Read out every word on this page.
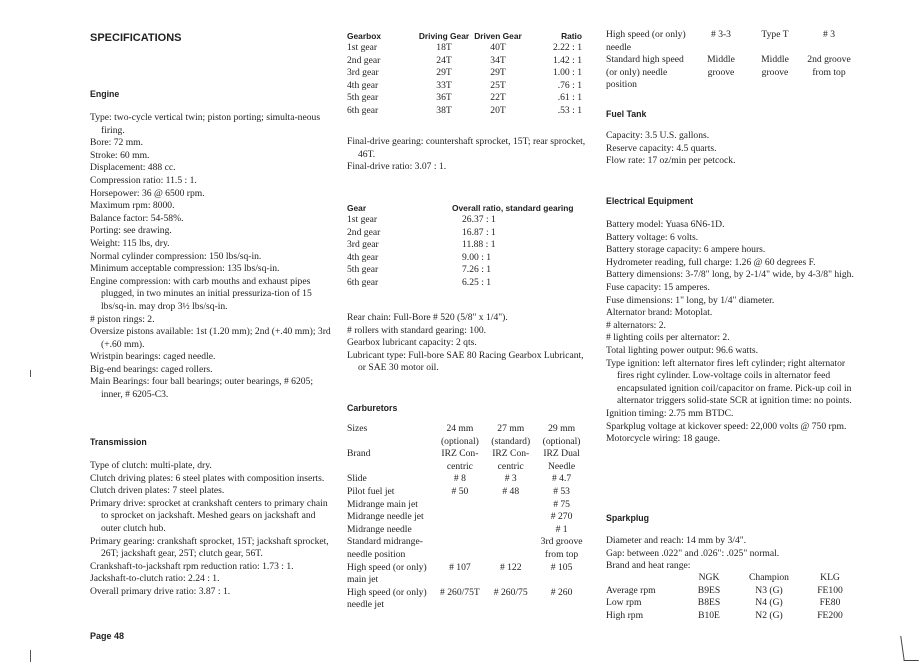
SPECIFICATIONS
Engine
Type: two-cycle vertical twin; piston porting; simulta-neous firing.
Bore: 72 mm.
Stroke: 60 mm.
Displacement: 488 cc.
Compression ratio: 11.5 : 1.
Horsepower: 36 @ 6500 rpm.
Maximum rpm: 8000.
Balance factor: 54-58%.
Porting: see drawing.
Weight: 115 lbs, dry.
Normal cylinder compression: 150 lbs/sq-in.
Minimum acceptable compression: 135 lbs/sq-in.
Engine compression: with carb mouths and exhaust pipes plugged, in two minutes an initial pressuriza-tion of 15 lbs/sq-in. may drop 3½ lbs/sq-in.
# piston rings: 2.
Oversize pistons available: 1st (1.20 mm); 2nd (+.40 mm); 3rd (+.60 mm).
Wristpin bearings: caged needle.
Big-end bearings: caged rollers.
Main Bearings: four ball bearings; outer bearings, # 6205; inner, # 6205-C3.
Transmission
Type of clutch: multi-plate, dry.
Clutch driving plates: 6 steel plates with composition inserts.
Clutch driven plates: 7 steel plates.
Primary drive: sprocket at crankshaft centers to primary chain to sprocket on jackshaft. Meshed gears on jackshaft and outer clutch hub.
Primary gearing: crankshaft sprocket, 15T; jackshaft sprocket, 26T; jackshaft gear, 25T; clutch gear, 56T.
Crankshaft-to-jackshaft rpm reduction ratio: 1.73 : 1.
Jackshaft-to-clutch ratio: 2.24 : 1.
Overall primary drive ratio: 3.87 : 1.
Page 48
Gearbox	Driving Gear	Driven Gear	Ratio
1st gear	18T	40T	2.22 : 1
2nd gear	24T	34T	1.42 : 1
3rd gear	29T	29T	1.00 : 1
4th gear	33T	25T	.76 : 1
5th gear	36T	22T	.61 : 1
6th gear	38T	20T	.53 : 1
Final-drive gearing: countershaft sprocket, 15T; rear sprocket, 46T.
Final-drive ratio: 3.07 : 1.
Gear	Overall ratio, standard gearing
1st gear	26.37 : 1
2nd gear	16.87 : 1
3rd gear	11.88 : 1
4th gear	9.00 : 1
5th gear	7.26 : 1
6th gear	6.25 : 1
Rear chain: Full-Bore # 520 (5/8" x 1/4").
# rollers with standard gearing: 100.
Gearbox lubricant capacity: 2 qts.
Lubricant type: Full-bore SAE 80 Racing Gearbox Lubricant, or SAE 30 motor oil.
Carburetors
Sizes	24 mm (optional)	27 mm (standard)	29 mm (optional)
Brand	IRZ Con-centric	IRZ Con-centric	IRZ Dual Needle
Slide	# 8	# 3	# 4.7
Pilot fuel jet	# 50	# 48	# 53
Midrange main jet			# 75
Midrange needle jet			# 270
Midrange needle			# 1
Standard midrange-needle position			3rd groove from top
High speed (or only) main jet	# 107	# 122	# 105
High speed (or only) needle jet	# 260/75T	# 260/75	# 260
High speed (or only) needle	# 3-3	Type T	# 3
Standard high speed (or only) needle position	Middle groove	Middle groove	2nd groove from top
Fuel Tank
Capacity: 3.5 U.S. gallons.
Reserve capacity: 4.5 quarts.
Flow rate: 17 oz/min per petcock.
Electrical Equipment
Battery model: Yuasa 6N6-1D.
Battery voltage: 6 volts.
Battery storage capacity: 6 ampere hours.
Hydrometer reading, full charge: 1.26 @ 60 degrees F.
Battery dimensions: 3-7/8" long, by 2-1/4" wide, by 4-3/8" high.
Fuse capacity: 15 amperes.
Fuse dimensions: 1" long, by 1/4" diameter.
Alternator brand: Motoplat.
# alternators: 2.
# lighting coils per alternator: 2.
Total lighting power output: 96.6 watts.
Type ignition: left alternator fires left cylinder; right alternator fires right cylinder. Low-voltage coils in alternator feed encapsulated ignition coil/capacitor on frame. Pick-up coil in alternator triggers solid-state SCR at ignition time: no points.
Ignition timing: 2.75 mm BTDC.
Sparkplug voltage at kickover speed: 22,000 volts @ 750 rpm.
Motorcycle wiring: 18 gauge.
Sparkplug
Diameter and reach: 14 mm by 3/4".
Gap: between .022" and .026": .025" normal.
Brand and heat range:
	NGK	Champion	KLG
Average rpm	B9ES	N3 (G)	FE100
Low rpm	B8ES	N4 (G)	FE80
High rpm	B10E	N2 (G)	FE200
